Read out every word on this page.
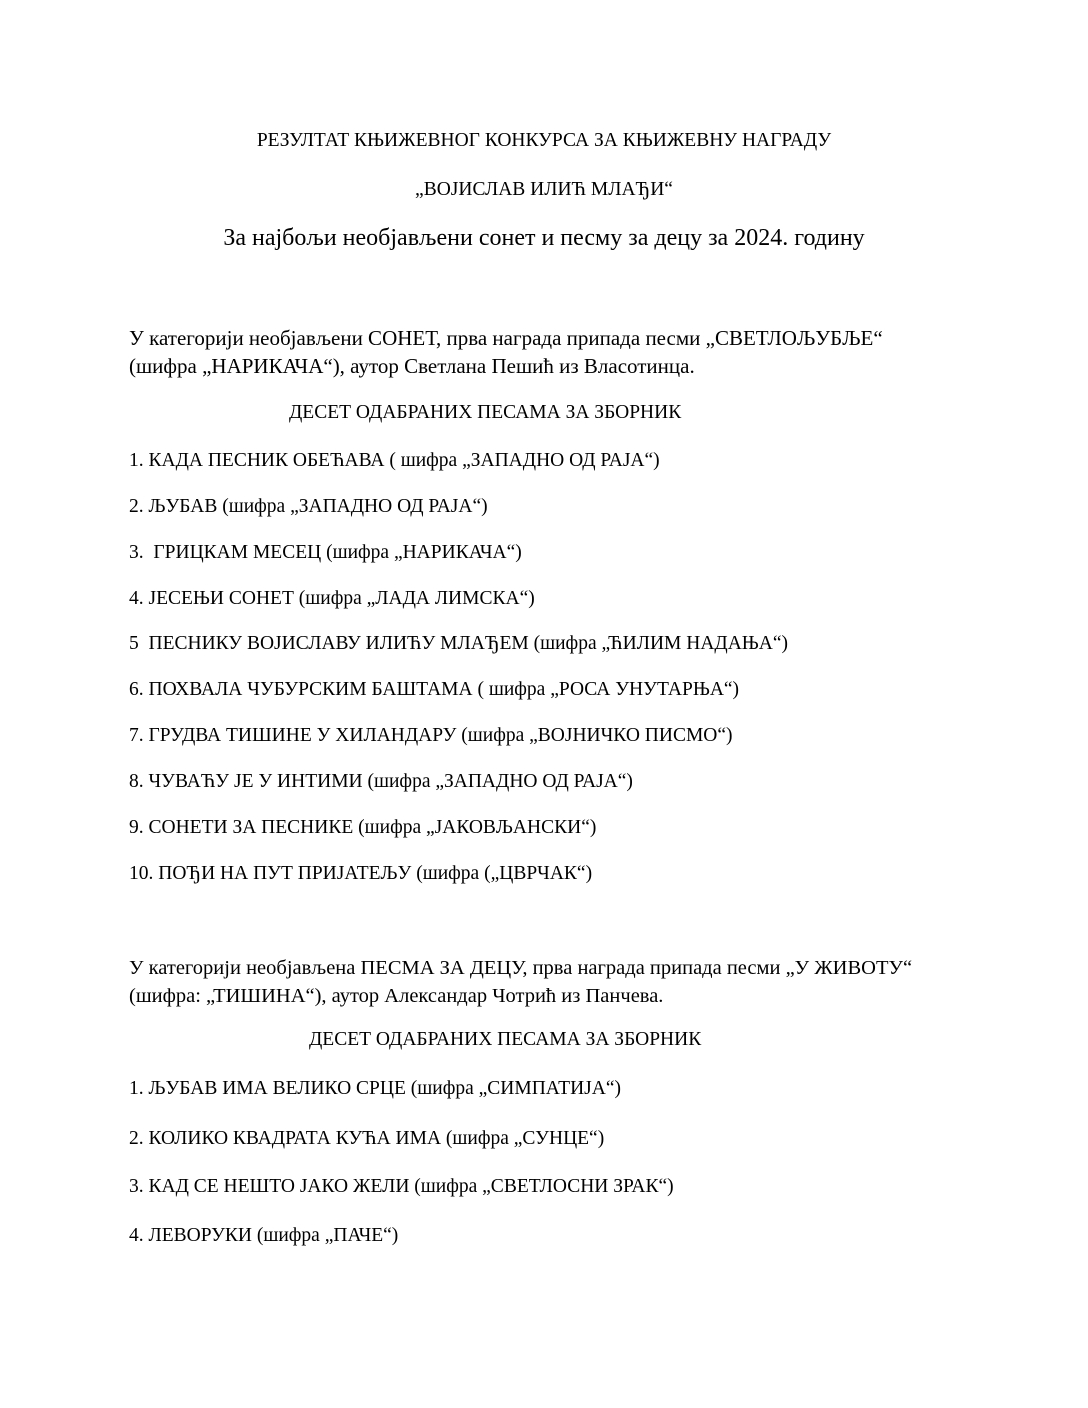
РЕЗУЛТАТ КЊИЖЕВНОГ КОНКУРСА ЗА КЊИЖЕВНУ НАГРАДУ
„ВОЈИСЛАВ ИЛИЋ МЛАЂИ“
За најбољи необјављени сонет и песму за децу за 2024. годину
У категорији необјављени СОНЕТ, прва награда припада песми „СВЕТЛОЉУБЉЕ“
(шифра „НАРИКАЧА“), аутор Светлана Пешић из Власотинца.
ДЕСЕТ ОДАБРАНИХ ПЕСАМА ЗА ЗБОРНИК
1. КАДА ПЕСНИК ОБЕЋАВА ( шифра „ЗАПАДНО ОД РАЈА“)
2. ЉУБАВ (шифра „ЗАПАДНО ОД РАЈА“)
3.  ГРИЦКАМ МЕСЕЦ (шифра „НАРИКАЧА“)
4. ЈЕСЕЊИ СОНЕТ (шифра „ЛАДА ЛИМСКА“)
5  ПЕСНИКУ ВОЈИСЛАВУ ИЛИЋУ МЛАЂЕМ (шифра „ЋИЛИМ НАДАЊА“)
6. ПОХВАЛА ЧУБУРСКИМ БАШТАМА ( шифра „РОСА УНУТАРЊА“)
7. ГРУДВА ТИШИНЕ У ХИЛАНДАРУ (шифра „ВОЈНИЧКО ПИСМО“)
8. ЧУВАЋУ ЈЕ У ИНТИМИ (шифра „ЗАПАДНО ОД РАЈА“)
9. СОНЕТИ ЗА ПЕСНИКЕ (шифра „ЈАКОВЉАНСКИ“)
10. ПОЂИ НА ПУТ ПРИЈАТЕЉУ (шифра („ЦВРЧАК“)
У категорији необјављена ПЕСМА ЗА ДЕЦУ, прва награда припада песми „У ЖИВОТУ“
(шифра: „ТИШИНА“), аутор Александар Чотрић из Панчева.
ДЕСЕТ ОДАБРАНИХ ПЕСАМА ЗА ЗБОРНИК
1. ЉУБАВ ИМА ВЕЛИКО СРЦЕ (шифра „СИМПАТИЈА“)
2. КОЛИКО КВАДРАТА КУЋА ИМА (шифра „СУНЦЕ“)
3. КАД СЕ НЕШТО ЈАКО ЖЕЛИ (шифра „СВЕТЛОСНИ ЗРАК“)
4. ЛЕВОРУКИ (шифра „ПАЧЕ“)
